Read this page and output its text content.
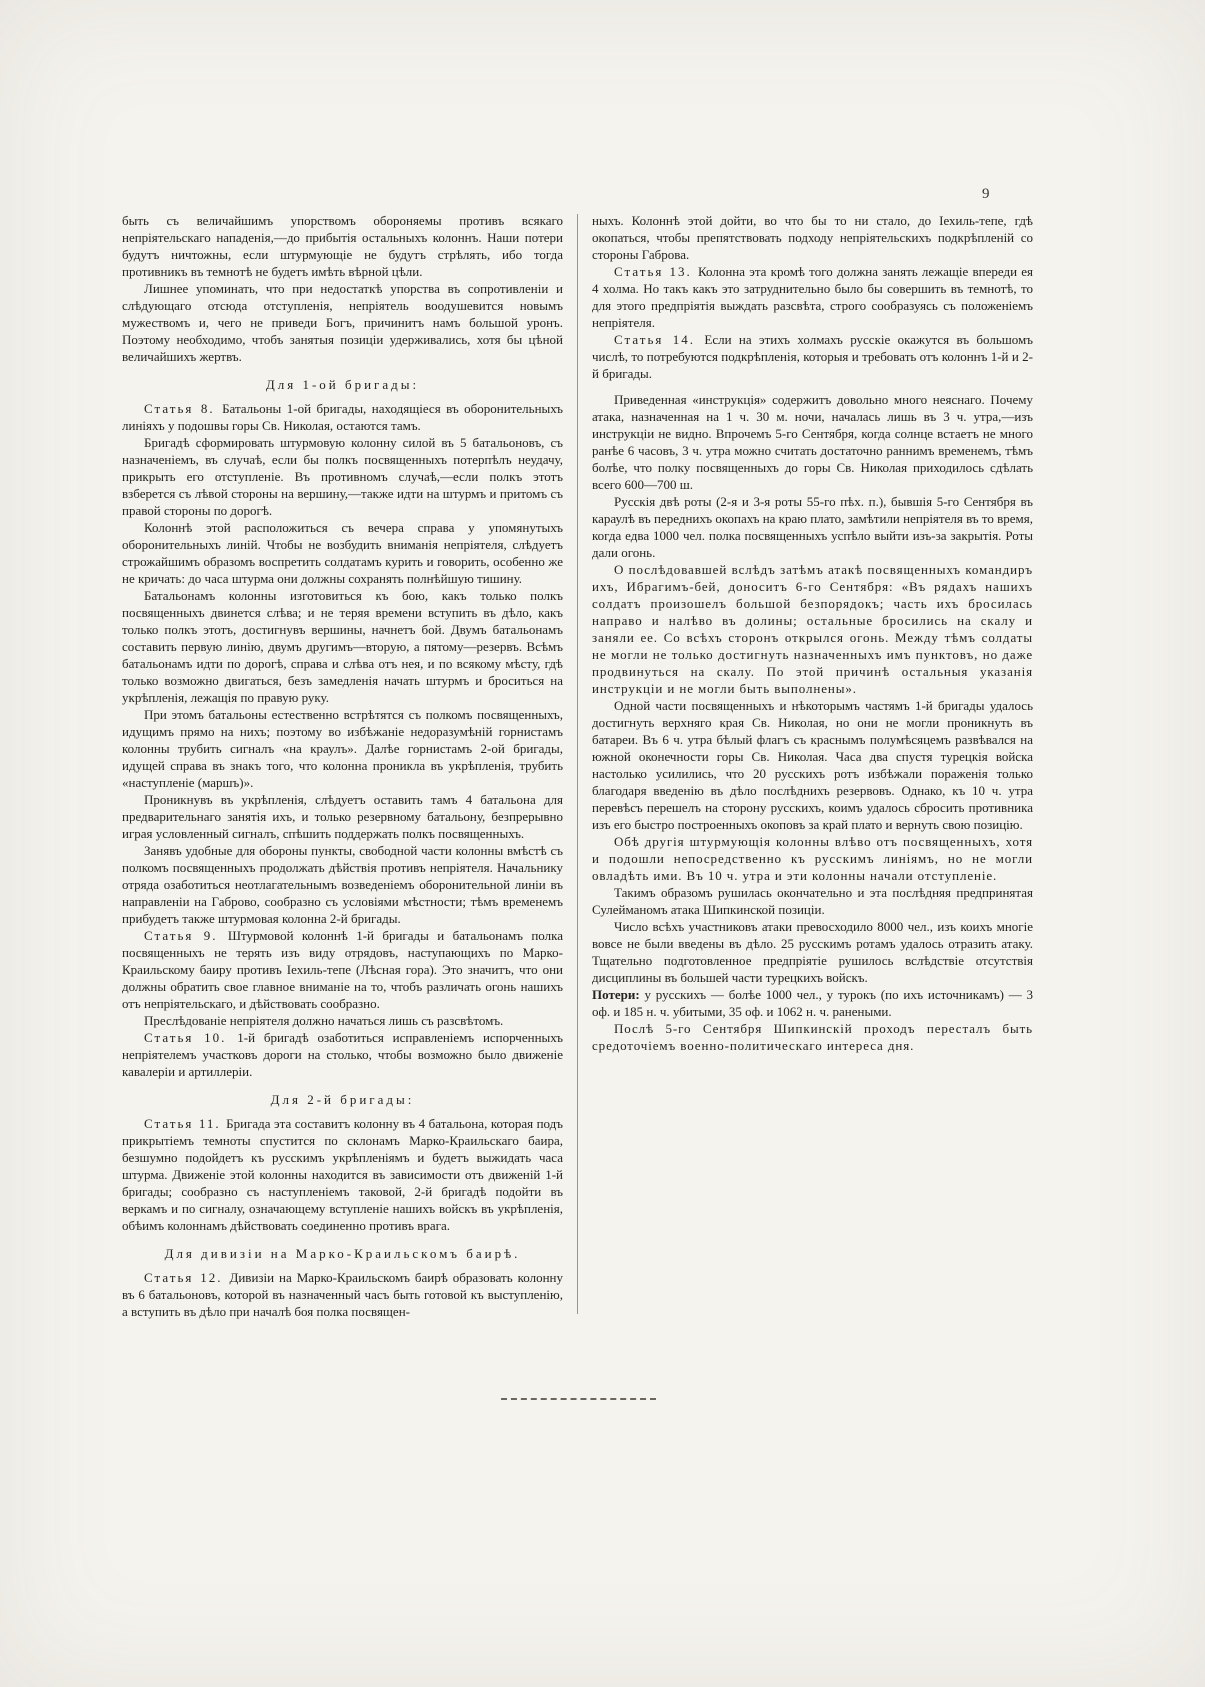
9

быть съ величайшимъ упорствомъ обороняемы противъ всякаго непріятельскаго нападенія,—до прибытія остальныхъ колоннъ. Наши потери будутъ ничтожны, если штурмующіе не будутъ стрѣлять, ибо тогда противникъ въ темнотѣ не будетъ имѣть вѣрной цѣли.

Лишнее упоминать, что при недостаткѣ упорства въ сопротивленіи и слѣдующаго отсюда отступленія, непріятель воодушевится новымъ мужествомъ и, чего не приведи Богъ, причинитъ намъ большой уронъ. Поэтому необходимо, чтобъ занятыя позиціи удерживались, хотя бы цѣной величайшихъ жертвъ.

Для 1-ой бригады:

Статья 8. Батальоны 1-ой бригады, находящіеся въ оборонительныхъ линіяхъ у подошвы горы Св. Николая, остаются тамъ.

Бригадѣ сформировать штурмовую колонну силой въ 5 батальоновъ, съ назначеніемъ, въ случаѣ, если бы полкъ посвященныхъ потерпѣлъ неудачу, прикрыть его отступленіе. Въ противномъ случаѣ,—если полкъ этотъ взберется съ лѣвой стороны на вершину,—также идти на штурмъ и притомъ съ правой стороны по дорогѣ.

Колоннѣ этой расположиться съ вечера справа у упомянутыхъ оборонительныхъ линій. Чтобы не возбудить вниманія непріятеля, слѣдуетъ строжайшимъ образомъ воспретить солдатамъ курить и говорить, особенно же не кричать: до часа штурма они должны сохранять полнѣйшую тишину.

Батальонамъ колонны изготовиться къ бою, какъ только полкъ посвященныхъ двинется слѣва; и не теряя времени вступить въ дѣло, какъ только полкъ этотъ, достигнувъ вершины, начнетъ бой. Двумъ батальонамъ составить первую линію, двумъ другимъ—вторую, а пятому—резервъ. Всѣмъ батальонамъ идти по дорогѣ, справа и слѣва отъ нея, и по всякому мѣсту, гдѣ только возможно двигаться, безъ замедленія начать штурмъ и броситься на укрѣпленія, лежащія по правую руку.

При этомъ батальоны естественно встрѣтятся съ полкомъ посвященныхъ, идущимъ прямо на нихъ; поэтому во избѣжаніе недоразумѣній горнистамъ колонны трубить сигналъ «на краулъ». Далѣе горнистамъ 2-ой бригады, идущей справа въ знакъ того, что колонна проникла въ укрѣпленія, трубить «наступленіе (маршъ)».

Проникнувъ въ укрѣпленія, слѣдуетъ оставить тамъ 4 батальона для предварительнаго занятія ихъ, и только резервному батальону, безпрерывно играя условленный сигналъ, спѣшить поддержать полкъ посвященныхъ.

Занявъ удобные для обороны пункты, свободной части колонны вмѣстѣ съ полкомъ посвященныхъ продолжать дѣйствія противъ непріятеля. Начальнику отряда озаботиться неотлагательнымъ возведеніемъ оборонительной линіи въ направленіи на Габрово, сообразно съ условіями мѣстности; тѣмъ временемъ прибудетъ также штурмовая колонна 2-й бригады.

Статья 9. Штурмовой колоннѣ 1-й бригады и батальонамъ полка посвященныхъ не терять изъ виду отрядовъ, наступающихъ по Марко-Краильскому баиру противъ Іехиль-тепе (Лѣсная гора). Это значитъ, что они должны обратить свое главное вниманіе на то, чтобъ различать огонь нашихъ отъ непріятельскаго, и дѣйствовать сообразно.

Преслѣдованіе непріятеля должно начаться лишь съ разсвѣтомъ.

Статья 10. 1-й бригадѣ озаботиться исправленіемъ испорченныхъ непріятелемъ участковъ дороги на столько, чтобы возможно было движеніе кавалеріи и артиллеріи.

Для 2-й бригады:

Статья 11. Бригада эта составитъ колонну въ 4 батальона, которая подъ прикрытіемъ темноты спустится по склонамъ Марко-Краильскаго баира, безшумно подойдетъ къ русскимъ укрѣпленіямъ и будетъ выжидать часа штурма. Движеніе этой колонны находится въ зависимости отъ движеній 1-й бригады; сообразно съ наступленіемъ таковой, 2-й бригадѣ подойти въ веркамъ и по сигналу, означающему вступленіе нашихъ войскъ въ укрѣпленія, обѣимъ колоннамъ дѣйствовать соединенно противъ врага.

Для дивизіи на Марко-Краильскомъ баирѣ.

Статья 12. Дивизіи на Марко-Краильскомъ баирѣ образовать колонну въ 6 батальоновъ, которой въ назначенный часъ быть готовой къ выступленію, а вступить въ дѣло при началѣ боя полка посвящен-

ныхъ. Колоннѣ этой дойти, во что бы то ни стало, до Іехиль-тепе, гдѣ окопаться, чтобы препятствовать подходу непріятельскихъ подкрѣпленій со стороны Габрова.

Статья 13. Колонна эта кромѣ того должна занять лежащіе впереди ея 4 холма. Но такъ какъ это затруднительно было бы совершить въ темнотѣ, то для этого предпріятія выждать разсвѣта, строго сообразуясь съ положеніемъ непріятеля.

Статья 14. Если на этихъ холмахъ русскіе окажутся въ большомъ числѣ, то потребуются подкрѣпленія, которыя и требовать отъ колоннъ 1-й и 2-й бригады.

Приведенная «инструкція» содержитъ довольно много неяснаго. Почему атака, назначенная на 1 ч. 30 м. ночи, началась лишь въ 3 ч. утра,—изъ инструкціи не видно. Впрочемъ 5-го Сентября, когда солнце встаетъ не много ранѣе 6 часовъ, 3 ч. утра можно считать достаточно раннимъ временемъ, тѣмъ болѣе, что полку посвященныхъ до горы Св. Николая приходилось сдѣлать всего 600—700 ш.

Русскія двѣ роты (2-я и 3-я роты 55-го пѣх. п.), бывшія 5-го Сентября въ караулѣ въ переднихъ окопахъ на краю плато, замѣтили непріятеля въ то время, когда едва 1000 чел. полка посвященныхъ успѣло выйти изъ-за закрытія. Роты дали огонь.

О послѣдовавшей вслѣдъ затѣмъ атакѣ посвященныхъ командиръ ихъ, Ибрагимъ-бей, доноситъ 6-го Сентября: «Въ рядахъ нашихъ солдатъ произошелъ большой безпорядокъ; часть ихъ бросилась направо и налѣво въ долины; остальные бросились на скалу и заняли ее. Со всѣхъ сторонъ открылся огонь. Между тѣмъ солдаты не могли не только достигнуть назначенныхъ имъ пунктовъ, но даже продвинуться на скалу. По этой причинѣ остальныя указанія инструкціи и не могли быть выполнены».

Одной части посвященныхъ и нѣкоторымъ частямъ 1-й бригады удалось достигнуть верхняго края Св. Николая, но они не могли проникнуть въ батареи. Въ 6 ч. утра бѣлый флагъ съ краснымъ полумѣсяцемъ развѣвался на южной оконечности горы Св. Николая. Часа два спустя турецкія войска настолько усилились, что 20 русскихъ ротъ избѣжали пораженія только благодаря введенію въ дѣло послѣднихъ резервовъ. Однако, къ 10 ч. утра перевѣсъ перешелъ на сторону русскихъ, коимъ удалось сбросить противника изъ его быстро построенныхъ окоповъ за край плато и вернуть свою позицію.

Обѣ другія штурмующія колонны влѣво отъ посвященныхъ, хотя и подошли непосредственно къ русскимъ линіямъ, но не могли овладѣть ими. Въ 10 ч. утра и эти колонны начали отступленіе.

Такимъ образомъ рушилась окончательно и эта послѣдняя предпринятая Сулейманомъ атака Шипкинской позиціи.

Число всѣхъ участниковъ атаки превосходило 8000 чел., изъ коихъ многіе вовсе не были введены въ дѣло. 25 русскимъ ротамъ удалось отразить атаку. Тщательно подготовленное предпріятіе рушилось вслѣдствіе отсутствія дисциплины въ большей части турецкихъ войскъ.

Потери: у русскихъ — болѣе 1000 чел., у турокъ (по ихъ источникамъ) — 3 оф. и 185 н. ч. убитыми, 35 оф. и 1062 н. ч. ранеными.

Послѣ 5-го Сентября Шипкинскій проходъ пересталъ быть средоточіемъ военно-политическаго интереса дня.
